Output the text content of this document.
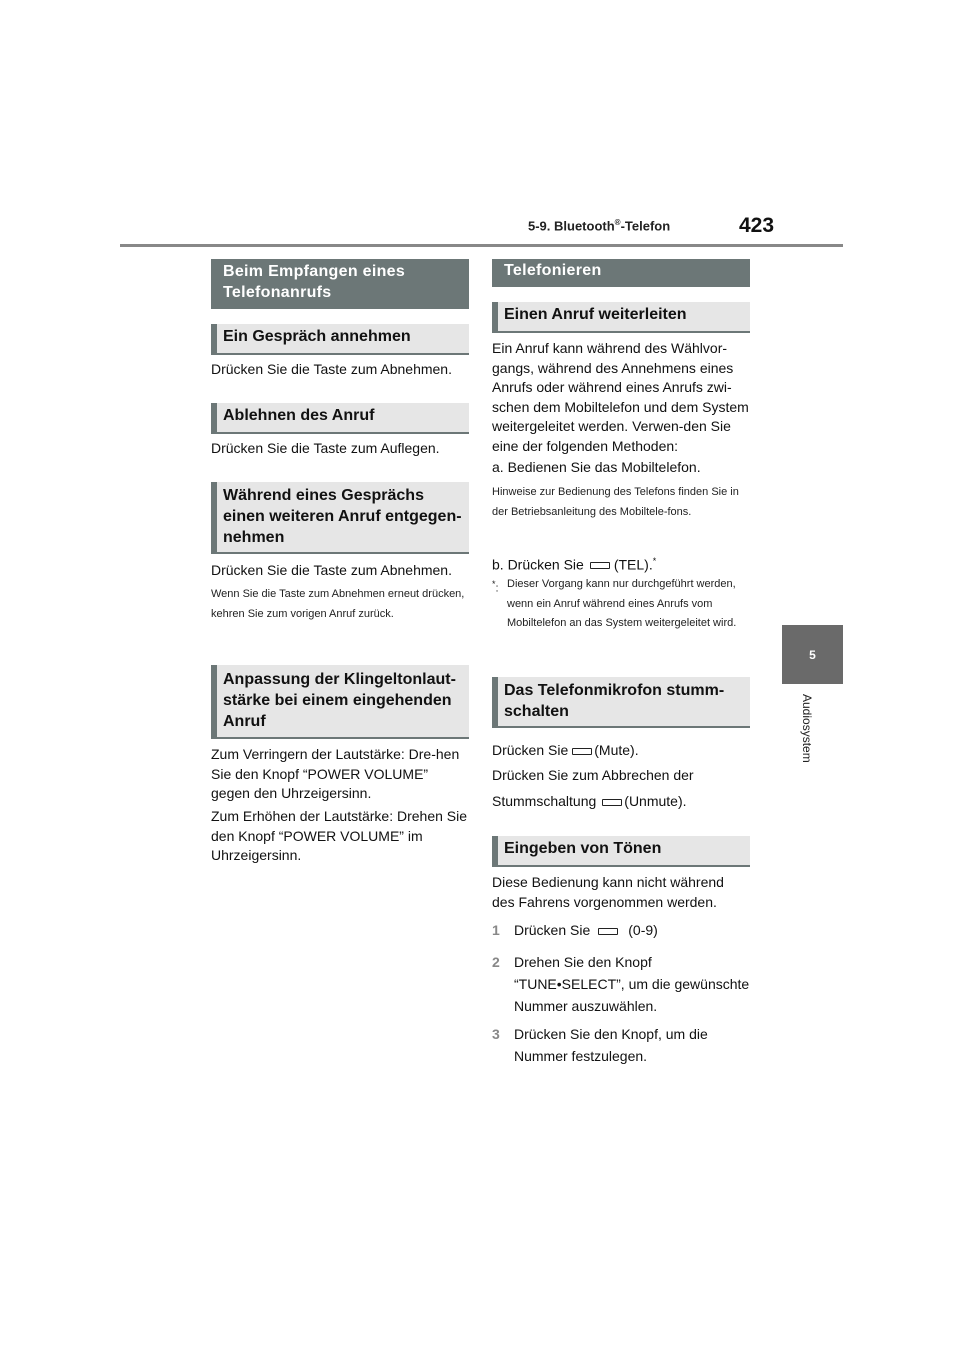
5-9. Bluetooth®-Telefon	423
5
Audiosystem
Beim Empfangen eines Telefonanrufs
Ein Gespräch annehmen
Drücken Sie die Taste zum Abnehmen.
Ablehnen des Anruf
Drücken Sie die Taste zum Auflegen.
Während eines Gesprächs einen weiteren Anruf entgegen-nehmen
Drücken Sie die Taste zum Abnehmen.
Wenn Sie die Taste zum Abnehmen erneut drücken, kehren Sie zum vorigen Anruf zurück.
Anpassung der Klingeltonlaut-stärke bei einem eingehenden Anruf
Zum Verringern der Lautstärke: Dre-hen Sie den Knopf “POWER VOLUME” gegen den Uhrzeigersinn.
Zum Erhöhen der Lautstärke: Drehen Sie den Knopf “POWER VOLUME” im Uhrzeigersinn.
Telefonieren
Einen Anruf weiterleiten
Ein Anruf kann während des Wählvor-gangs, während des Annehmens eines Anrufs oder während eines Anrufs zwi-schen dem Mobiltelefon und dem System weitergeleitet werden. Verwen-den Sie eine der folgenden Methoden:
a. Bedienen Sie das Mobiltelefon.
Hinweise zur Bedienung des Telefons finden Sie in der Betriebsanleitung des Mobiltele-fons.
b. Drücken Sie (TEL).*
*: Dieser Vorgang kann nur durchgeführt werden, wenn ein Anruf während eines Anrufs vom Mobiltelefon an das System weitergeleitet wird.
Das Telefonmikrofon stumm-schalten
Drücken Sie (Mute).
Drücken Sie zum Abbrechen der
Stummschaltung (Unmute).
Eingeben von Tönen
Diese Bedienung kann nicht während des Fahrens vorgenommen werden.
1 Drücken Sie	(0-9)
2	Drehen Sie den Knopf “TUNE•SELECT”, um die gewünschte Nummer auszuwählen.
3	Drücken Sie den Knopf, um die Nummer festzulegen.
